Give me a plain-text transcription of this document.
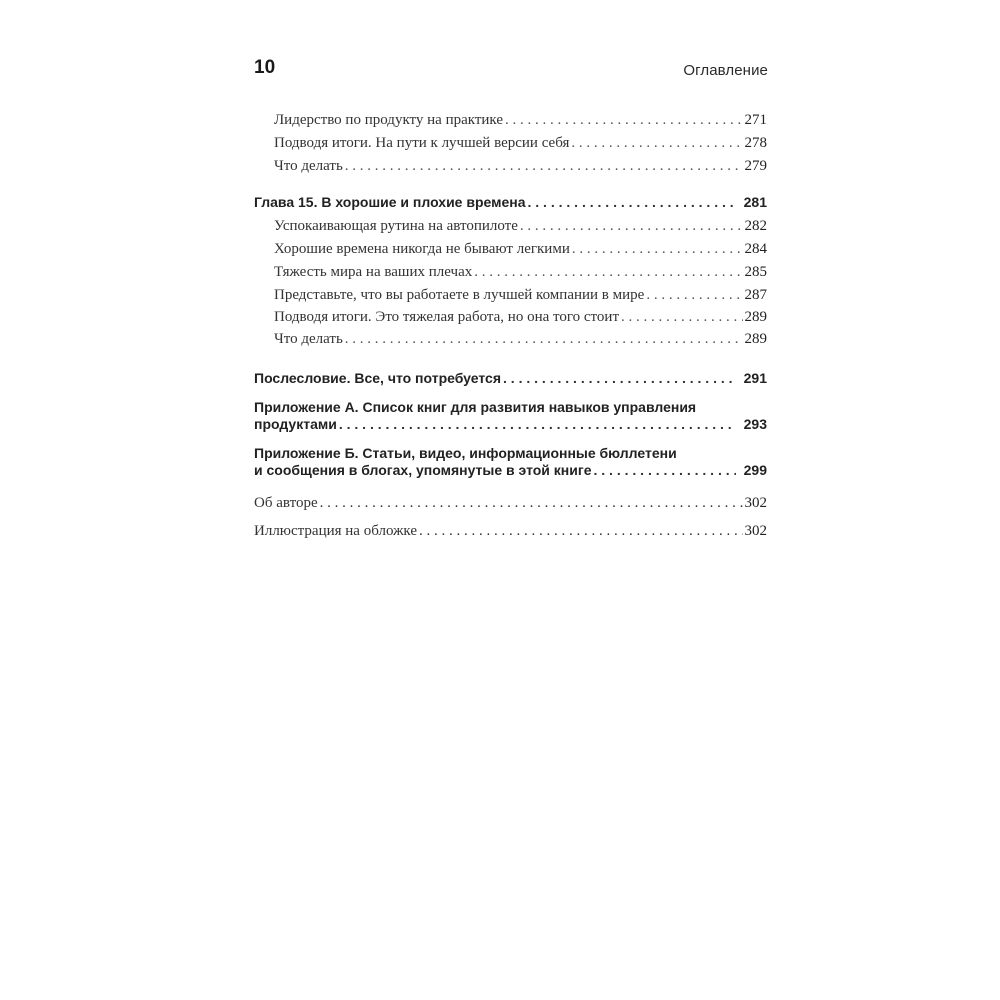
10	Оглавление
Лидерство по продукту на практике . . .	271
Подводя итоги. На пути к лучшей версии себя . . .	278
Что делать . . .	279
Глава 15. В хорошие и плохие времена . . .	281
Успокаивающая рутина на автопилоте . . .	282
Хорошие времена никогда не бывают легкими . . .	284
Тяжесть мира на ваших плечах . . .	285
Представьте, что вы работаете в лучшей компании в мире . . .	287
Подводя итоги. Это тяжелая работа, но она того стоит . . .	289
Что делать . . .	289
Послесловие. Все, что потребуется . . .	291
Приложение А. Список книг для развития навыков управления
продуктами . . .	293
Приложение Б. Статьи, видео, информационные бюллетени
и сообщения в блогах, упомянутые в этой книге . . .	299
Об авторе . . .	302
Иллюстрация на обложке . . .	302
